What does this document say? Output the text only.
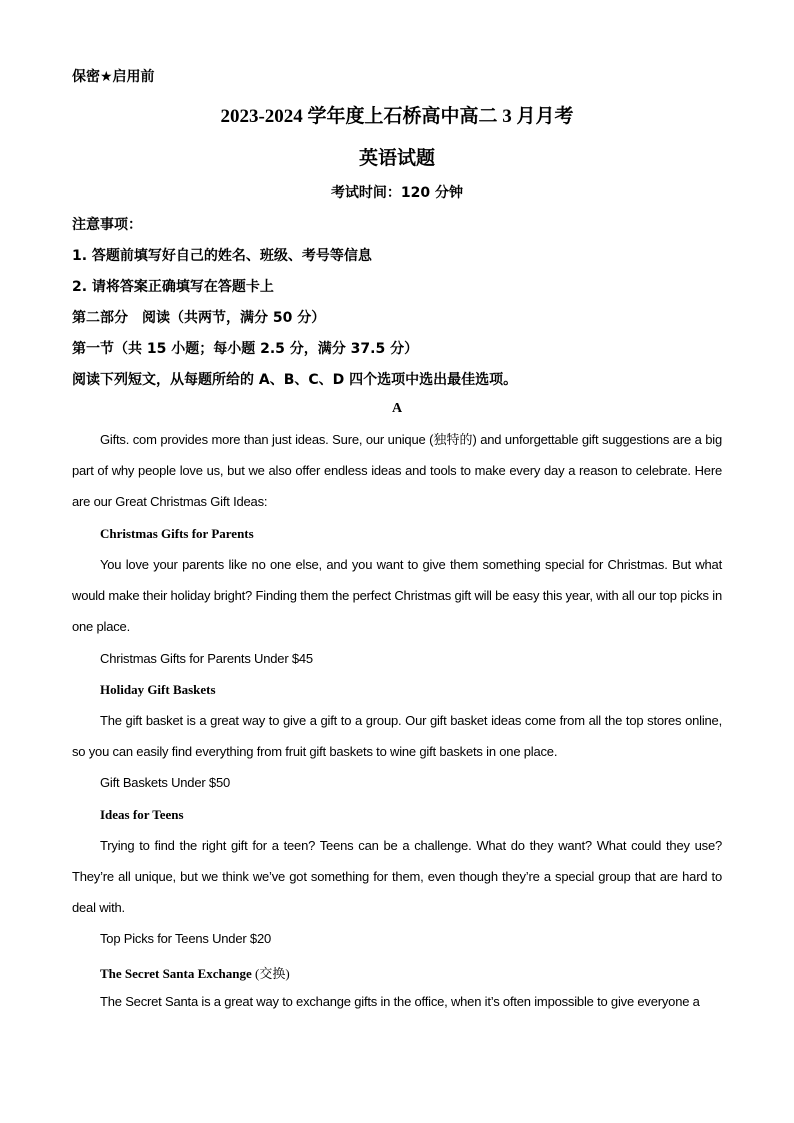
保密★启用前
2023-2024 学年度上石桥高中高二 3 月月考
英语试题
考试时间：120 分钟
注意事项：
1. 答题前填写好自己的姓名、班级、考号等信息
2. 请将答案正确填写在答题卡上
第二部分　阅读（共两节，满分 50 分）
第一节（共 15 小题；每小题 2.5 分，满分 37.5 分）
阅读下列短文，从每题所给的 A、B、C、D 四个选项中选出最佳选项。
A
Gifts. com provides more than just ideas. Sure, our unique (独特的) and unforgettable gift suggestions are a big part of why people love us, but we also offer endless ideas and tools to make every day a reason to celebrate. Here are our Great Christmas Gift Ideas:
Christmas Gifts for Parents
You love your parents like no one else, and you want to give them something special for Christmas. But what would make their holiday bright? Finding them the perfect Christmas gift will be easy this year, with all our top picks in one place.
Christmas Gifts for Parents Under $45
Holiday Gift Baskets
The gift basket is a great way to give a gift to a group. Our gift basket ideas come from all the top stores online, so you can easily find everything from fruit gift baskets to wine gift baskets in one place.
Gift Baskets Under $50
Ideas for Teens
Trying to find the right gift for a teen? Teens can be a challenge. What do they want? What could they use? They’re all unique, but we think we’ve got something for them, even though they’re a special group that are hard to deal with.
Top Picks for Teens Under $20
The Secret Santa Exchange (交换)
The Secret Santa is a great way to exchange gifts in the office, when it’s often impossible to give everyone a
